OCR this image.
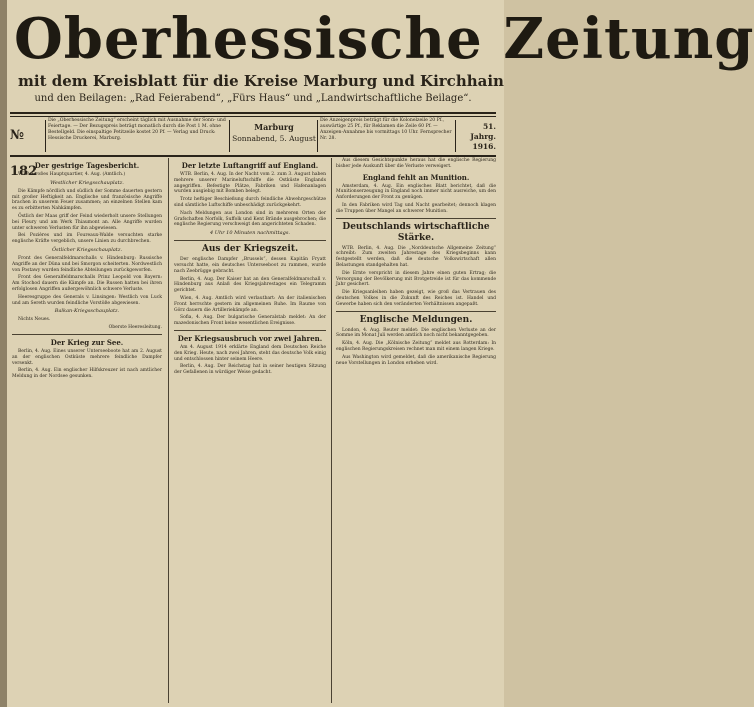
Oberhessische Zeitung
mit dem Kreisblatt für die Kreise Marburg und Kirchhain
und den Beilagen: „Rad Feierabend“, „Fürs Haus“ und „Landwirtschaftliche Beilage“.
№ 182
Die „Oberhessische Zeitung“ erscheint täglich mit Ausnahme der Sonn- und Feiertage. — Der Bezugspreis beträgt monatlich durch die Post 1 M. ohne Bestellgeld. Die einspaltige Petitzeile kostet 20 Pf. — Verlag und Druck: Hessische Druckerei, Marburg.
Marburg
Sonnabend, 5. August
Die Anzeigenpreis beträgt für die Kolonelzeile 20 Pf., auswärtige 25 Pf., für Reklamen die Zeile 60 Pf. — Anzeigen-Annahme bis vormittags 10 Uhr. Fernsprecher Nr. 28.
51. Jahrg.
1916.
Der gestrige Tagesbericht.

WTB. Großes Hauptquartier, 4. Aug. (Amtlich.)

Westlicher Kriegsschauplatz.

Die Kämpfe nördlich und südlich der Somme dauerten gestern mit großer Heftigkeit an. Englische und französische Angriffe brachen in unserem Feuer zusammen; an einzelnen Stellen kam es zu erbitterten Nahkämpfen.

Östlich der Maas griff der Feind wiederholt unsere Stellungen bei Fleury und am Werk Thiaumont an. Alle Angriffe wurden unter schweren Verlusten für ihn abgewiesen.

Bei Pozières und im Foureaux-Walde versuchten starke englische Kräfte vergeblich, unsere Linien zu durchbrechen.

Östlicher Kriegsschauplatz.

Front des Generalfeldmarschalls v. Hindenburg: Russische Angriffe an der Düna und bei Smorgon scheiterten. Nordwestlich von Postawy wurden feindliche Abteilungen zurückgeworfen.

Front des Generalfeldmarschalls Prinz Leopold von Bayern: Am Stochod dauern die Kämpfe an. Die Russen hatten bei ihren erfolglosen Angriffen außergewöhnlich schwere Verluste.

Heeresgruppe des Generals v. Linsingen: Westlich von Luck und am Sereth wurden feindliche Vorstöße abgewiesen.

Balkan-Kriegsschauplatz.

Nichts Neues.

Oberste Heeresleitung.

Der Krieg zur See.

Berlin, 4. Aug. Eines unserer Unterseeboote hat am 2. August an der englischen Ostküste mehrere feindliche Dampfer versenkt.

Berlin, 4. Aug. Ein englischer Hilfskreuzer ist nach amtlicher Meldung in der Nordsee gesunken.

Der letzte Luftangriff auf England.

WTB. Berlin, 4. Aug. In der Nacht vom 2. zum 3. August haben mehrere unserer Marineluftschiffe die Ostküste Englands angegriffen. Befestigte Plätze, Fabriken und Hafenanlagen wurden ausgiebig mit Bomben belegt.

Trotz heftiger Beschießung durch feindliche Abwehrgeschütze sind sämtliche Luftschiffe unbeschädigt zurückgekehrt.

Nach Meldungen aus London sind in mehreren Orten der Grafschaften Norfolk, Suffolk und Kent Brände ausgebrochen; die englische Regierung verschweigt den angerichteten Schaden.

4 Uhr 10 Minuten nachmittags.
Aus der Kriegszeit.

Der englische Dampfer „Brussels“, dessen Kapitän Fryatt versucht hatte, ein deutsches Unterseeboot zu rammen, wurde nach Zeebrügge gebracht.

Berlin, 4. Aug. Der Kaiser hat an den Generalfeldmarschall v. Hindenburg aus Anlaß des Kriegsjahrestages ein Telegramm gerichtet.

Wien, 4. Aug. Amtlich wird verlautbart: An der italienischen Front herrschte gestern im allgemeinen Ruhe. Im Raume von Görz dauern die Artilleriekämpfe an.

Sofia, 4. Aug. Der bulgarische Generalstab meldet: An der mazedonischen Front keine wesentlichen Ereignisse.

Der Kriegsausbruch vor zwei Jahren.

Am 4. August 1914 erklärte England dem Deutschen Reiche den Krieg. Heute, nach zwei Jahren, steht das deutsche Volk einig und entschlossen hinter seinem Heere.

Berlin, 4. Aug. Der Reichstag hat in seiner heutigen Sitzung der Gefallenen in würdiger Weise gedacht.

Aus diesem Gesichtspunkte heraus hat die englische Regierung bisher jede Auskunft über die Verluste verweigert.

England fehlt an Munition.

Amsterdam, 4. Aug. Ein englisches Blatt berichtet, daß die Munitionserzeugung in England noch immer nicht ausreiche, um den Anforderungen der Front zu genügen.

In den Fabriken wird Tag und Nacht gearbeitet; dennoch klagen die Truppen über Mangel an schwerer Munition.

Deutschlands wirtschaftliche Stärke.

WTB. Berlin, 4. Aug. Die „Norddeutsche Allgemeine Zeitung“ schreibt: Zum zweiten Jahrestage des Kriegsbeginns kann festgestellt werden, daß die deutsche Volkswirtschaft allen Belastungen standgehalten hat.

Die Ernte verspricht in diesem Jahre einen guten Ertrag; die Versorgung der Bevölkerung mit Brotgetreide ist für das kommende Jahr gesichert.

Die Kriegsanleihen haben gezeigt, wie groß das Vertrauen des deutschen Volkes in die Zukunft des Reiches ist. Handel und Gewerbe haben sich den veränderten Verhältnissen angepaßt.

Englische Meldungen.

London, 4. Aug. Reuter meldet: Die englischen Verluste an der Somme im Monat Juli werden amtlich noch nicht bekanntgegeben.

Köln, 4. Aug. Die „Kölnische Zeitung“ meldet aus Rotterdam: In englischen Regierungskreisen rechnet man mit einem langen Kriege.

Aus Washington wird gemeldet, daß die amerikanische Regierung neue Vorstellungen in London erheben wird.
